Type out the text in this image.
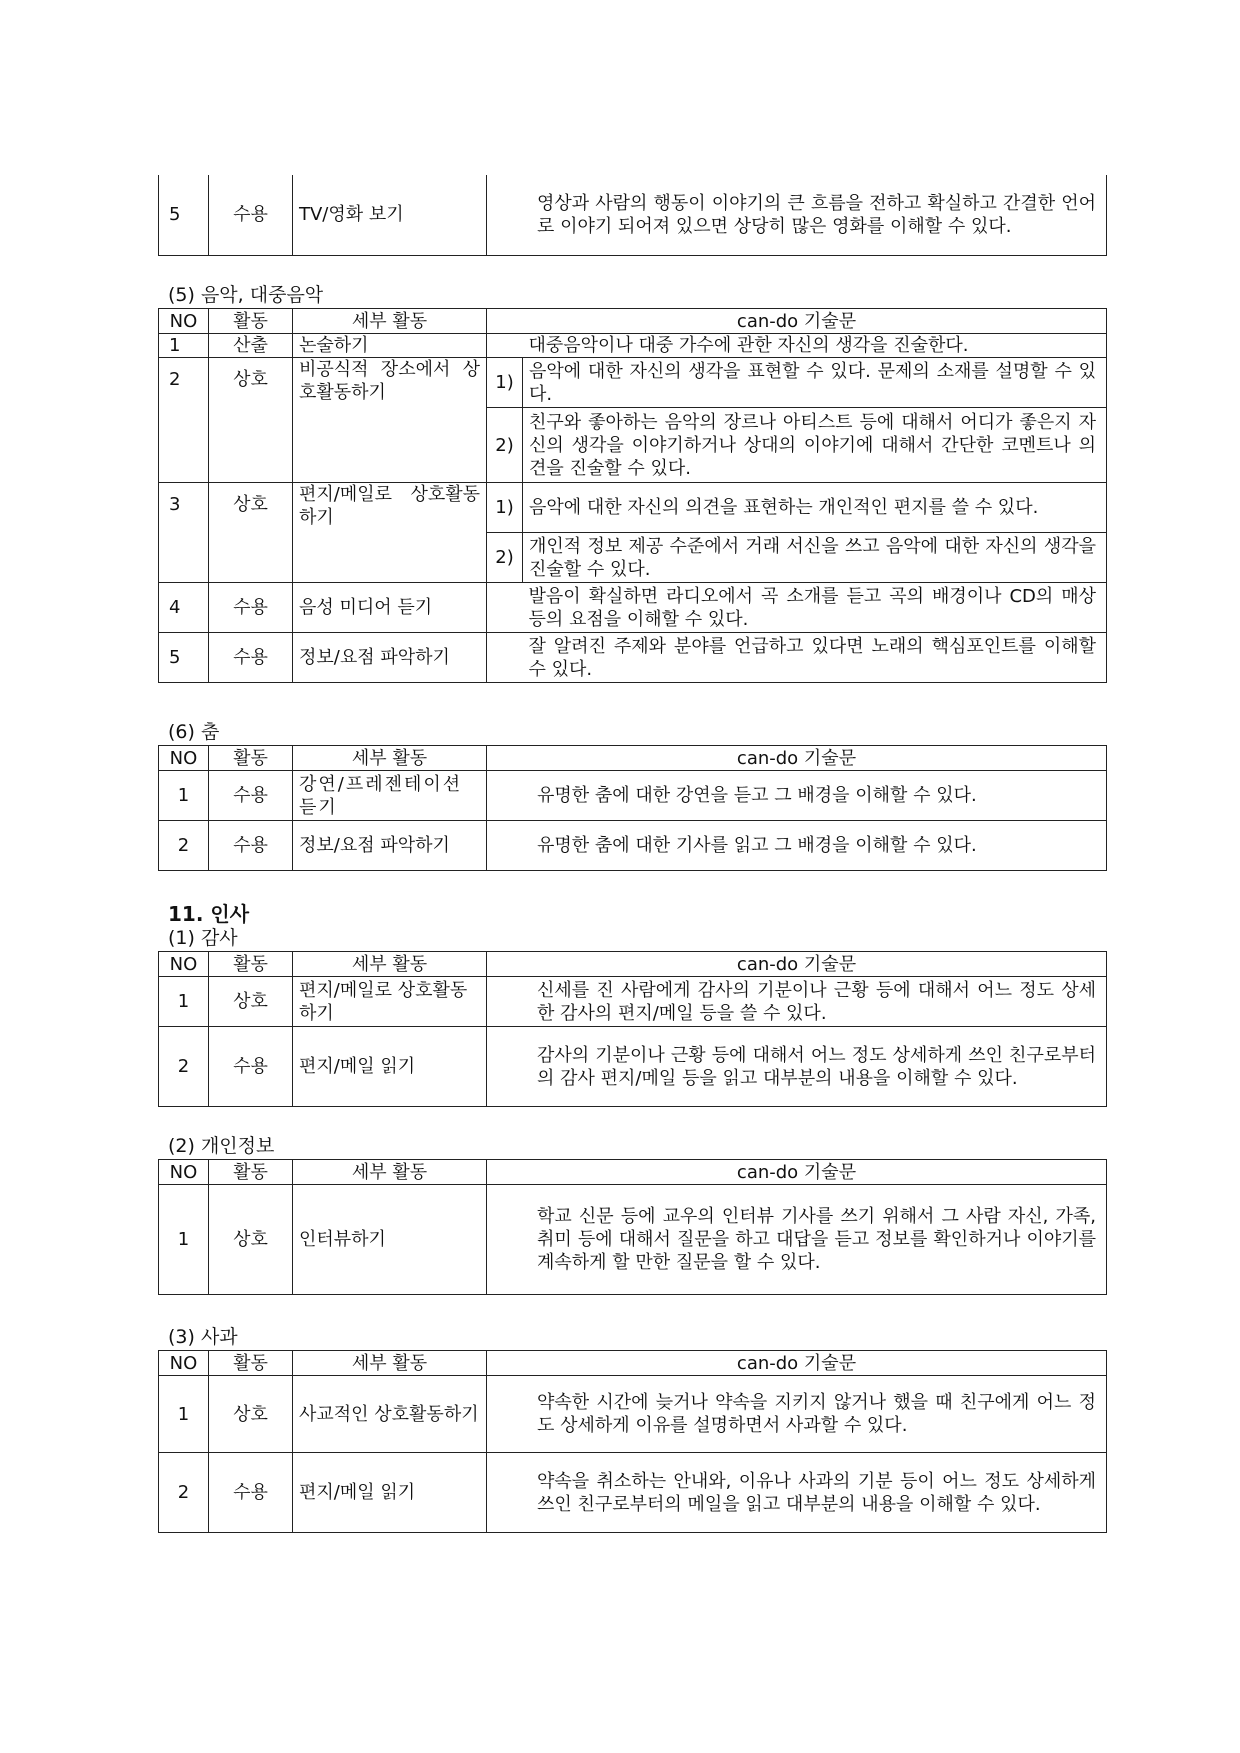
5	수용	TV/영화 보기	영상과 사람의 행동이 이야기의 큰 흐름을 전하고 확실하고 간결한 언어로 이야기 되어져 있으면 상당히 많은 영화를 이해할 수 있다.
(5) 음악, 대중음악
NO	활동	세부 활동	can-do 기술문	
1	산출	논술하기		대중음악이나 대중 가수에 관한 자신의 생각을 진술한다.
2	상호	비공식적 장소에서 상호활동하기	1)	음악에 대한 자신의 생각을 표현할 수 있다. 문제의 소재를 설명할 수 있다.
			2)	친구와 좋아하는 음악의 장르나 아티스트 등에 대해서 어디가 좋은지 자신의 생각을 이야기하거나 상대의 이야기에 대해서 간단한 코멘트나 의견을 진술할 수 있다.
3	상호	편지/메일로 상호활동하기	1)	음악에 대한 자신의 의견을 표현하는 개인적인 편지를 쓸 수 있다.
			2)	개인적 정보 제공 수준에서 거래 서신을 쓰고 음악에 대한 자신의 생각을 진술할 수 있다.
4	수용	음성 미디어 듣기		발음이 확실하면 라디오에서 곡 소개를 듣고 곡의 배경이나 CD의 매상 등의 요점을 이해할 수 있다.
5	수용	정보/요점 파악하기		잘 알려진 주제와 분야를 언급하고 있다면 노래의 핵심포인트를 이해할 수 있다.
(6) 춤
NO	활동	세부 활동	can-do 기술문
1	수용	강연/프레젠테이션듣기	유명한 춤에 대한 강연을 듣고 그 배경을 이해할 수 있다.
2	수용	정보/요점 파악하기	유명한 춤에 대한 기사를 읽고 그 배경을 이해할 수 있다.
11. 인사
(1) 감사
NO	활동	세부 활동	can-do 기술문
1	상호	편지/메일로 상호활동하기	신세를 진 사람에게 감사의 기분이나 근황 등에 대해서 어느 정도 상세한 감사의 편지/메일 등을 쓸 수 있다.
2	수용	편지/메일 읽기	감사의 기분이나 근황 등에 대해서 어느 정도 상세하게 쓰인 친구로부터의 감사 편지/메일 등을 읽고 대부분의 내용을 이해할 수 있다.
(2) 개인정보
NO	활동	세부 활동	can-do 기술문
1	상호	인터뷰하기	학교 신문 등에 교우의 인터뷰 기사를 쓰기 위해서 그 사람 자신, 가족, 취미 등에 대해서 질문을 하고 대답을 듣고 정보를 확인하거나 이야기를 계속하게 할 만한 질문을 할 수 있다.
(3) 사과
NO	활동	세부 활동	can-do 기술문
1	상호	사교적인 상호활동하기	약속한 시간에 늦거나 약속을 지키지 않거나 했을 때 친구에게 어느 정도 상세하게 이유를 설명하면서 사과할 수 있다.
2	수용	편지/메일 읽기	약속을 취소하는 안내와, 이유나 사과의 기분 등이 어느 정도 상세하게 쓰인 친구로부터의 메일을 읽고 대부분의 내용을 이해할 수 있다.
